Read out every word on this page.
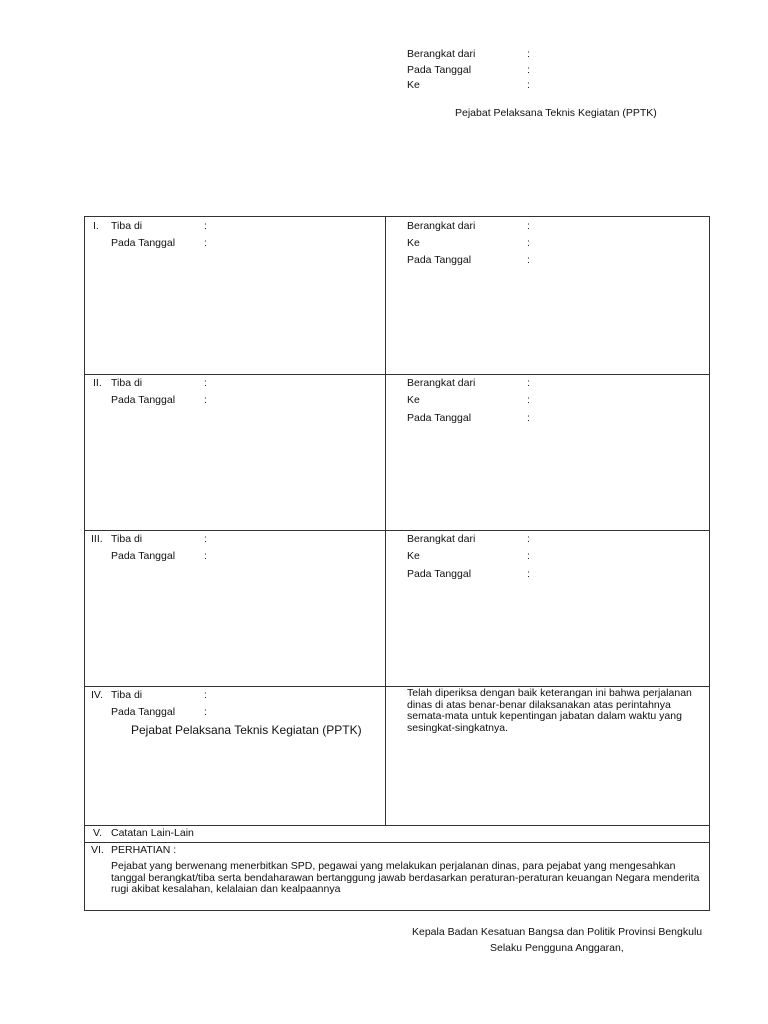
Berangkat dari	:
Pada Tanggal	:
Ke	:
Pejabat Pelaksana Teknis Kegiatan (PPTK)
I. Tiba di	:
Pada Tanggal	:
Berangkat dari	:
Ke	:
Pada Tanggal	:
II. Tiba di	:
Pada Tanggal	:
Berangkat dari	:
Ke	:
Pada Tanggal	:
III. Tiba di	:
Pada Tanggal	:
Berangkat dari	:
Ke	:
Pada Tanggal	:
IV. Tiba di	:
Pada Tanggal	:
Pejabat Pelaksana Teknis Kegiatan (PPTK)
Telah diperiksa dengan baik keterangan ini bahwa perjalanan dinas di atas benar-benar dilaksanakan atas perintahnya semata-mata untuk kepentingan jabatan dalam waktu yang sesingkat-singkatnya.
V. Catatan Lain-Lain
VI. PERHATIAN :
Pejabat yang berwenang menerbitkan SPD, pegawai yang melakukan perjalanan dinas, para pejabat yang mengesahkan tanggal berangkat/tiba serta bendaharawan bertanggung jawab berdasarkan peraturan-peraturan keuangan Negara menderita rugi akibat kesalahan, kelalaian dan kealpaannya
Kepala Badan Kesatuan Bangsa dan Politik Provinsi Bengkulu
Selaku Pengguna Anggaran,
